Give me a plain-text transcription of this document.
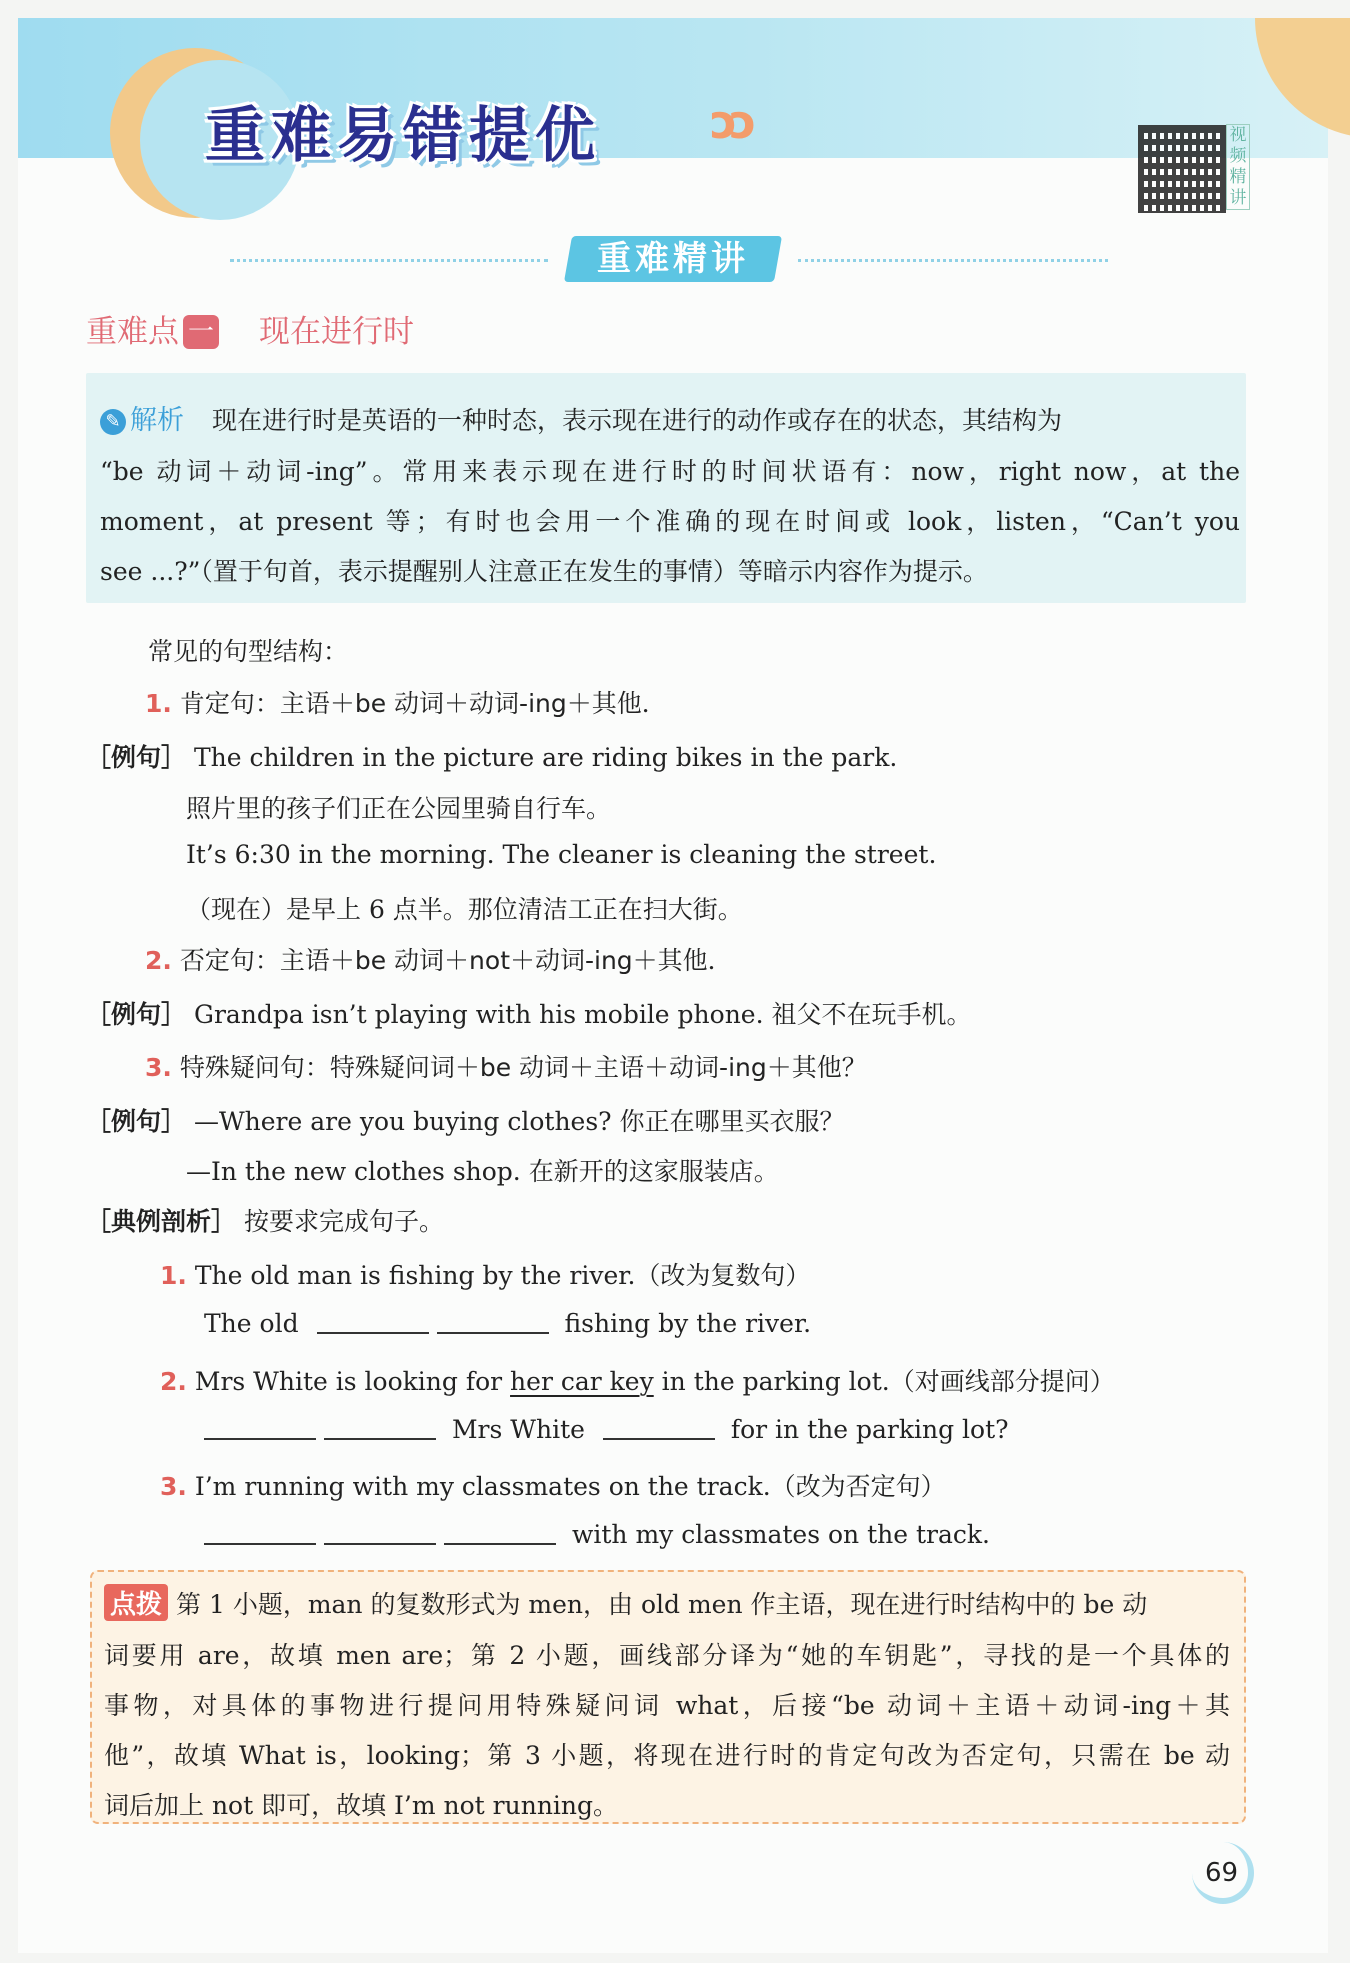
重难易错提优 ↄↄ	视频精讲
重难精讲
重难点 一 现在进行时
✎ 解析 现在进行时是英语的一种时态，表示现在进行的动作或存在的状态，其结构为
“be 动词＋动词-ing”。常用来表示现在进行时的时间状语有：now，right now，at the
moment，at present 等；有时也会用一个准确的现在时间或 look，listen，“Can’t you
see ...?”（置于句首，表示提醒别人注意正在发生的事情）等暗示内容作为提示。
常见的句型结构：
1. 肯定句：主语＋be 动词＋动词-ing＋其他．
［例句］ The children in the picture are riding bikes in the park.
照片里的孩子们正在公园里骑自行车。
It’s 6:30 in the morning. The cleaner is cleaning the street.
（现在）是早上 6 点半。那位清洁工正在扫大街。
2. 否定句：主语＋be 动词＋not＋动词-ing＋其他．
［例句］ Grandpa isn’t playing with his mobile phone. 祖父不在玩手机。
3. 特殊疑问句：特殊疑问词＋be 动词＋主语＋动词-ing＋其他？
［例句］ —Where are you buying clothes? 你正在哪里买衣服？
—In the new clothes shop. 在新开的这家服装店。
［典例剖析］ 按要求完成句子。
1. The old man is fishing by the river.（改为复数句）
The old	fishing by the river.
2. Mrs White is looking for her car key in the parking lot.（对画线部分提问）
Mrs White	for in the parking lot?
3. I’m running with my classmates on the track.（改为否定句）
with my classmates on the track.
点拨 第 1 小题，man 的复数形式为 men，由 old men 作主语，现在进行时结构中的 be 动
词要用 are，故填 men are；第 2 小题，画线部分译为“她的车钥匙”，寻找的是一个具体的
事物，对具体的事物进行提问用特殊疑问词 what，后接“be 动词＋主语＋动词-ing＋其
他”，故填 What is，looking；第 3 小题，将现在进行时的肯定句改为否定句，只需在 be 动
词后加上 not 即可，故填 I’m not running。
69
